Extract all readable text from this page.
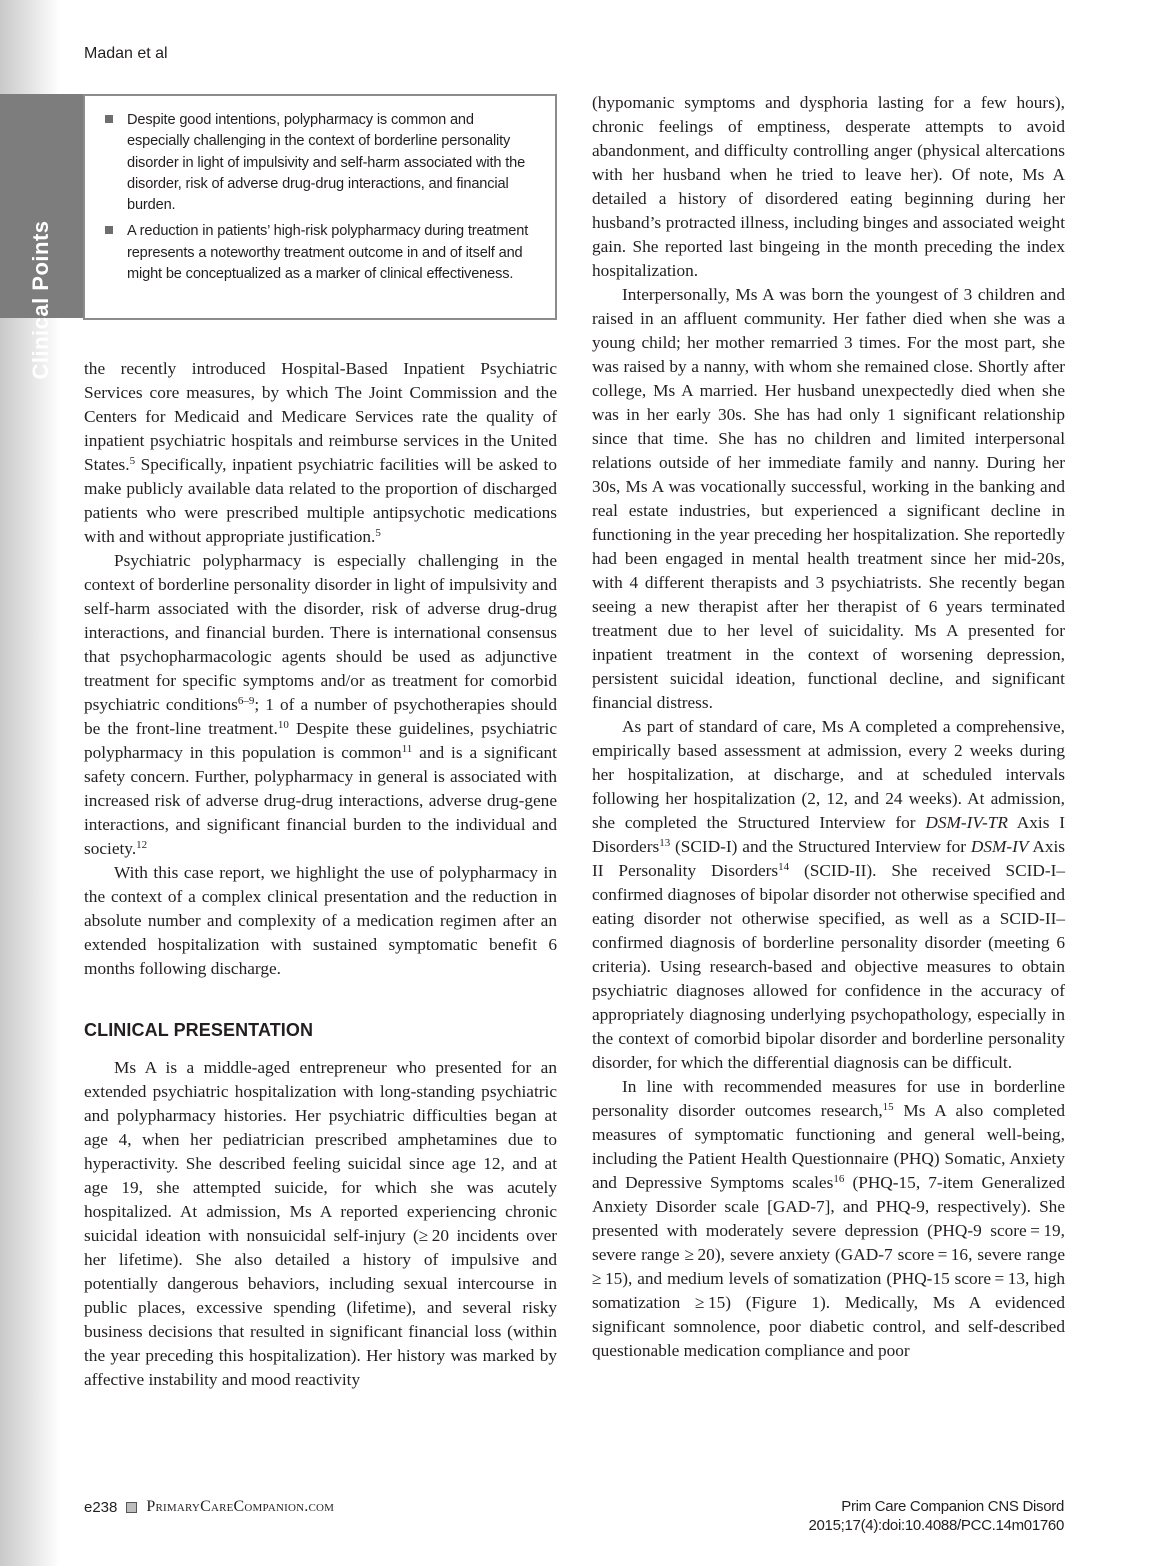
Madan et al
Clinical Points
Despite good intentions, polypharmacy is common and especially challenging in the context of borderline personality disorder in light of impulsivity and self-harm associated with the disorder, risk of adverse drug-drug interactions, and financial burden.
A reduction in patients’ high-risk polypharmacy during treatment represents a noteworthy treatment outcome in and of itself and might be conceptualized as a marker of clinical effectiveness.

the recently introduced Hospital-Based Inpatient Psychiatric Services core measures, by which The Joint Commission and the Centers for Medicaid and Medicare Services rate the quality of inpatient psychiatric hospitals and reimburse services in the United States.$^5$ Specifically, inpatient psychiatric facilities will be asked to make publicly available data related to the proportion of discharged patients who were prescribed multiple antipsychotic medications with and without appropriate justification.$^5$

Psychiatric polypharmacy is especially challenging in the context of borderline personality disorder in light of impulsivity and self-harm associated with the disorder, risk of adverse drug-drug interactions, and financial burden. There is international consensus that psychopharmacologic agents should be used as adjunctive treatment for specific symptoms and/or as treatment for comorbid psychiatric conditions$^{6-9}$; 1 of a number of psychotherapies should be the front-line treatment.$^{10}$ Despite these guidelines, psychiatric polypharmacy in this population is common$^{11}$ and is a significant safety concern. Further, polypharmacy in general is associated with increased risk of adverse drug-drug interactions, adverse drug-gene interactions, and significant financial burden to the individual and society.$^{12}$

With this case report, we highlight the use of polypharmacy in the context of a complex clinical presentation and the reduction in absolute number and complexity of a medication regimen after an extended hospitalization with sustained symptomatic benefit 6 months following discharge.

CLINICAL PRESENTATION

Ms A is a middle-aged entrepreneur who presented for an extended psychiatric hospitalization with long-standing psychiatric and polypharmacy histories. Her psychiatric difficulties began at age 4, when her pediatrician prescribed amphetamines due to hyperactivity. She described feeling suicidal since age 12, and at age 19, she attempted suicide, for which she was acutely hospitalized. At admission, Ms A reported experiencing chronic suicidal ideation with nonsuicidal self-injury (≥ 20 incidents over her lifetime). She also detailed a history of impulsive and potentially dangerous behaviors, including sexual intercourse in public places, excessive spending (lifetime), and several risky business decisions that resulted in significant financial loss (within the year preceding this hospitalization). Her history was marked by affective instability and mood reactivity

(hypomanic symptoms and dysphoria lasting for a few hours), chronic feelings of emptiness, desperate attempts to avoid abandonment, and difficulty controlling anger (physical altercations with her husband when he tried to leave her). Of note, Ms A detailed a history of disordered eating beginning during her husband’s protracted illness, including binges and associated weight gain. She reported last bingeing in the month preceding the index hospitalization.

Interpersonally, Ms A was born the youngest of 3 children and raised in an affluent community. Her father died when she was a young child; her mother remarried 3 times. For the most part, she was raised by a nanny, with whom she remained close. Shortly after college, Ms A married. Her husband unexpectedly died when she was in her early 30s. She has had only 1 significant relationship since that time. She has no children and limited interpersonal relations outside of her immediate family and nanny. During her 30s, Ms A was vocationally successful, working in the banking and real estate industries, but experienced a significant decline in functioning in the year preceding her hospitalization. She reportedly had been engaged in mental health treatment since her mid-20s, with 4 different therapists and 3 psychiatrists. She recently began seeing a new therapist after her therapist of 6 years terminated treatment due to her level of suicidality. Ms A presented for inpatient treatment in the context of worsening depression, persistent suicidal ideation, functional decline, and significant financial distress.

As part of standard of care, Ms A completed a comprehensive, empirically based assessment at admission, every 2 weeks during her hospitalization, at discharge, and at scheduled intervals following her hospitalization (2, 12, and 24 weeks). At admission, she completed the Structured Interview for DSM-IV-TR Axis I Disorders$^{13}$ (SCID-I) and the Structured Interview for DSM-IV Axis II Personality Disorders$^{14}$ (SCID-II). She received SCID-I–confirmed diagnoses of bipolar disorder not otherwise specified and eating disorder not otherwise specified, as well as a SCID-II–confirmed diagnosis of borderline personality disorder (meeting 6 criteria). Using research-based and objective measures to obtain psychiatric diagnoses allowed for confidence in the accuracy of appropriately diagnosing underlying psychopathology, especially in the context of comorbid bipolar disorder and borderline personality disorder, for which the differential diagnosis can be difficult.

In line with recommended measures for use in borderline personality disorder outcomes research,$^{15}$ Ms A also completed measures of symptomatic functioning and general well-being, including the Patient Health Questionnaire (PHQ) Somatic, Anxiety and Depressive Symptoms scales$^{16}$ (PHQ-15, 7-item Generalized Anxiety Disorder scale [GAD-7], and PHQ-9, respectively). She presented with moderately severe depression (PHQ-9 score = 19, severe range ≥ 20), severe anxiety (GAD-7 score = 16, severe range ≥ 15), and medium levels of somatization (PHQ-15 score = 13, high somatization ≥ 15) (Figure 1). Medically, Ms A evidenced significant somnolence, poor diabetic control, and self-described questionable medication compliance and poor

e238 PrimaryCareCompanion.com	Prim Care Companion CNS Disord
2015;17(4):doi:10.4088/PCC.14m01760
